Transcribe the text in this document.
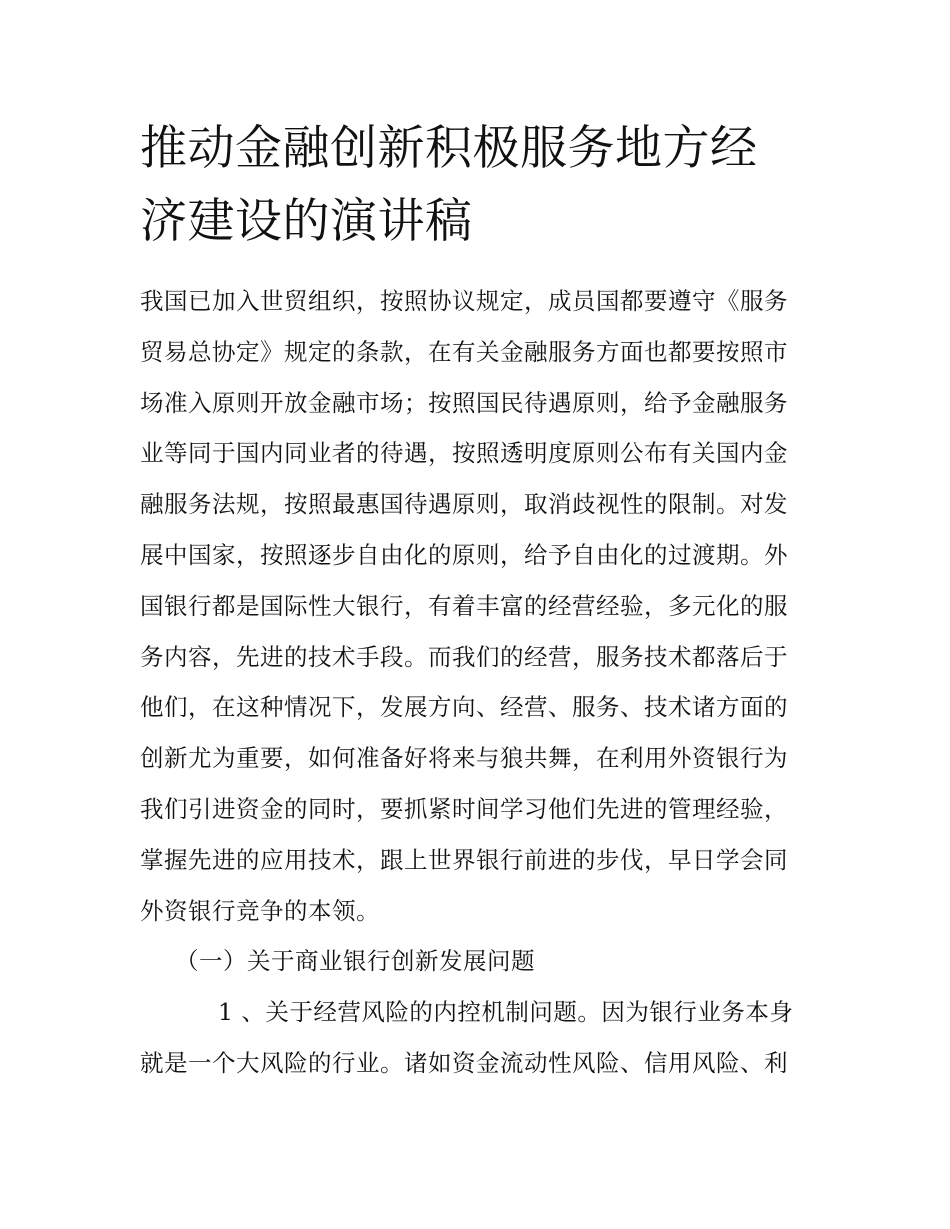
推动金融创新积极服务地方经
济建设的演讲稿

我国已加入世贸组织，按照协议规定，成员国都要遵守《服务
贸易总协定》规定的条款，在有关金融服务方面也都要按照市
场准入原则开放金融市场；按照国民待遇原则，给予金融服务
业等同于国内同业者的待遇，按照透明度原则公布有关国内金
融服务法规，按照最惠国待遇原则，取消歧视性的限制。对发
展中国家，按照逐步自由化的原则，给予自由化的过渡期。外
国银行都是国际性大银行，有着丰富的经营经验，多元化的服
务内容，先进的技术手段。而我们的经营，服务技术都落后于
他们，在这种情况下，发展方向、经营、服务、技术诸方面的
创新尤为重要，如何准备好将来与狼共舞，在利用外资银行为
我们引进资金的同时，要抓紧时间学习他们先进的管理经验，
掌握先进的应用技术，跟上世界银行前进的步伐，早日学会同
外资银行竞争的本领。

（一）关于商业银行创新发展问题

1 、关于经营风险的内控机制问题。因为银行业务本身
就是一个大风险的行业。诸如资金流动性风险、信用风险、利
